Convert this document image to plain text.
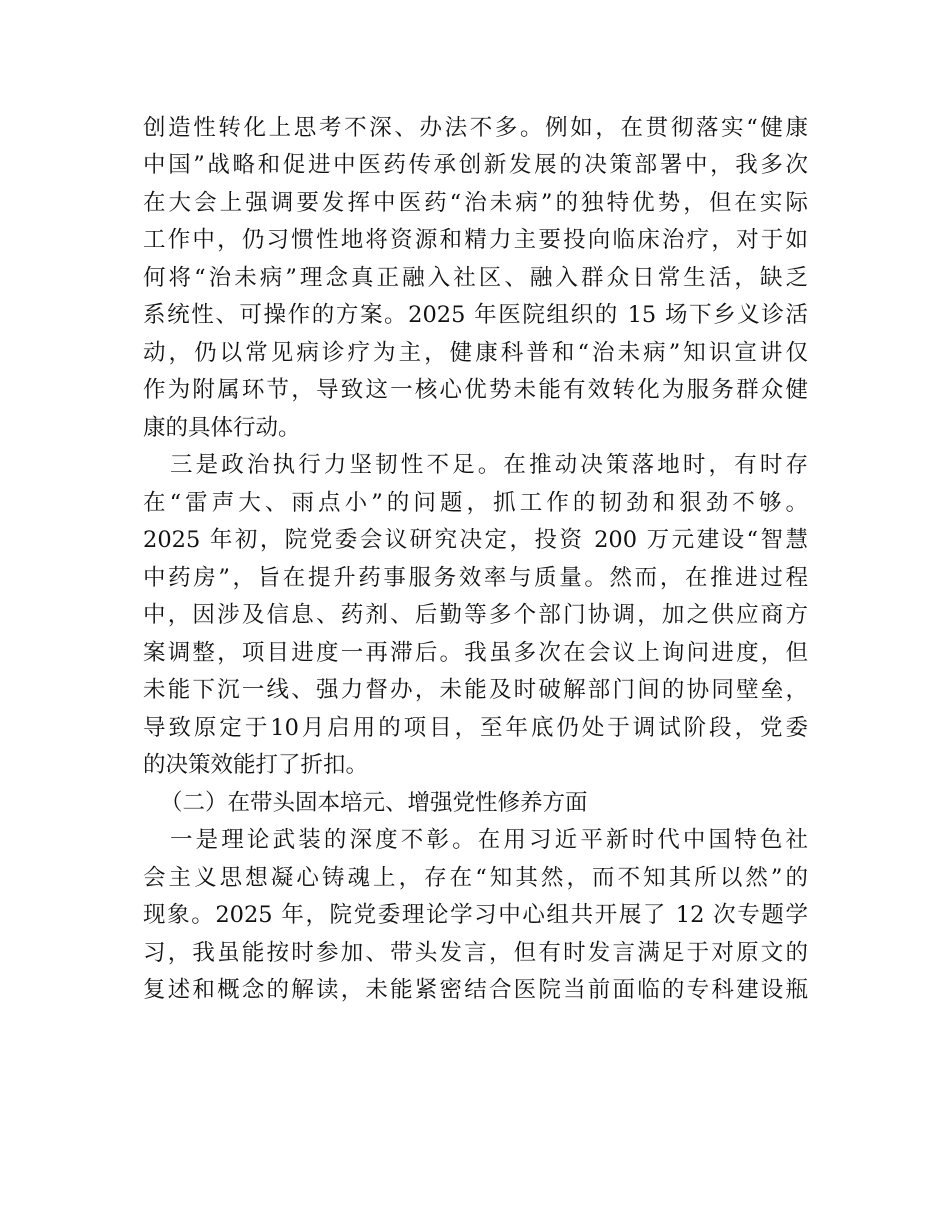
创造性转化上思考不深、办法不多。例如，在贯彻落实“健康
中国”战略和促进中医药传承创新发展的决策部署中，我多次
在大会上强调要发挥中医药“治未病”的独特优势，但在实际
工作中，仍习惯性地将资源和精力主要投向临床治疗，对于如
何将“治未病”理念真正融入社区、融入群众日常生活，缺乏
系统性、可操作的方案。2025 年医院组织的 15 场下乡义诊活
动，仍以常见病诊疗为主，健康科普和“治未病”知识宣讲仅
作为附属环节，导致这一核心优势未能有效转化为服务群众健
康的具体行动。
三是政治执行力坚韧性不足。在推动决策落地时，有时存
在“雷声大、雨点小”的问题，抓工作的韧劲和狠劲不够。
2025 年初，院党委会议研究决定，投资 200 万元建设“智慧
中药房”，旨在提升药事服务效率与质量。然而，在推进过程
中，因涉及信息、药剂、后勤等多个部门协调，加之供应商方
案调整，项目进度一再滞后。我虽多次在会议上询问进度，但
未能下沉一线、强力督办，未能及时破解部门间的协同壁垒，
导致原定于10月启用的项目，至年底仍处于调试阶段，党委
的决策效能打了折扣。
（二）在带头固本培元、增强党性修养方面
一是理论武装的深度不彰。在用习近平新时代中国特色社
会主义思想凝心铸魂上，存在“知其然，而不知其所以然”的
现象。2025 年，院党委理论学习中心组共开展了 12 次专题学
习，我虽能按时参加、带头发言，但有时发言满足于对原文的
复述和概念的解读，未能紧密结合医院当前面临的专科建设瓶
